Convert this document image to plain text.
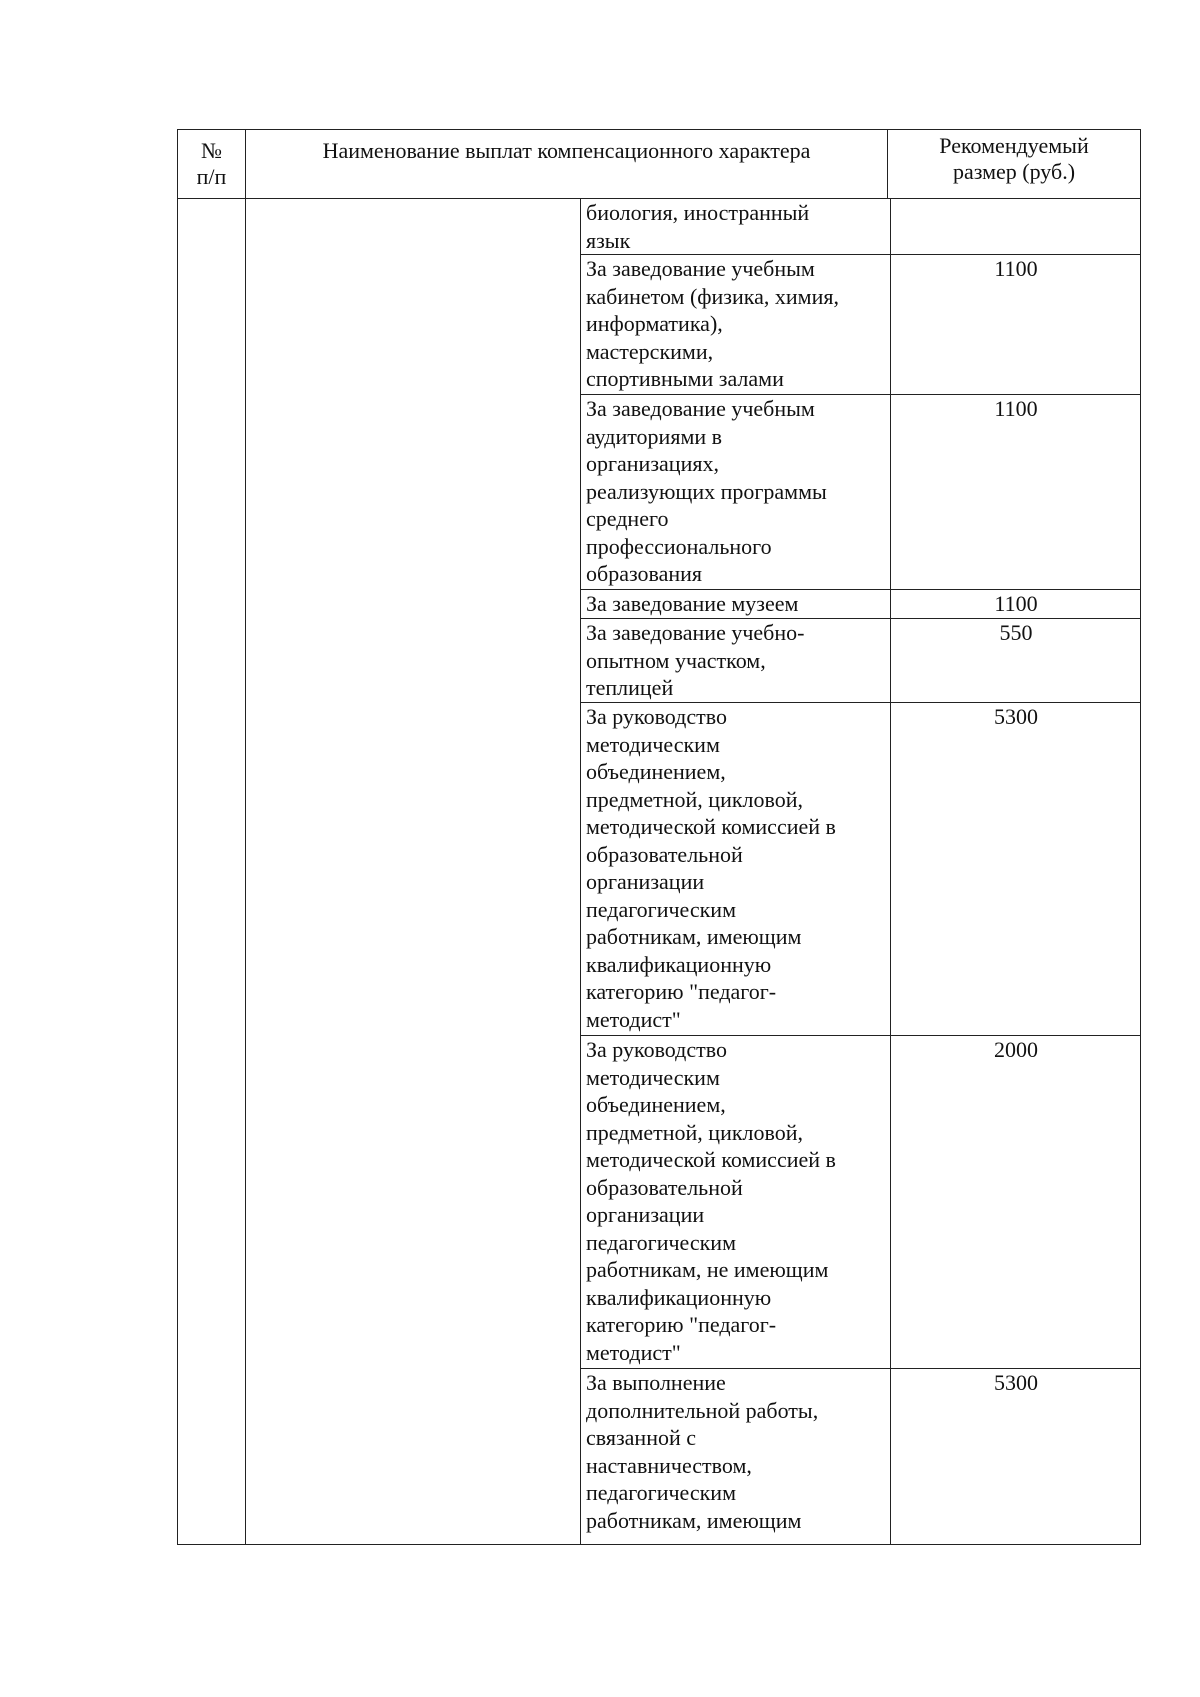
№
п/п
Наименование выплат компенсационного характера	Рекомендуемый
размер (руб.)
биология, иностранный
язык
За заведование учебным
кабинетом (физика, химия,
информатика),
мастерскими,
спортивными залами
1100
За заведование учебным
аудиториями в
организациях,
реализующих программы
среднего
профессионального
образования
1100
За заведование музеем	1100
За заведование учебно-
опытном участком,
теплицей
550
За руководство
методическим
объединением,
предметной, цикловой,
методической комиссией в
образовательной
организации
педагогическим
работникам, имеющим
квалификационную
категорию "педагог-
методист"
5300
За руководство
методическим
объединением,
предметной, цикловой,
методической комиссией в
образовательной
организации
педагогическим
работникам, не имеющим
квалификационную
категорию "педагог-
методист"
2000
За выполнение
дополнительной работы,
связанной с
наставничеством,
педагогическим
работникам, имеющим
5300
